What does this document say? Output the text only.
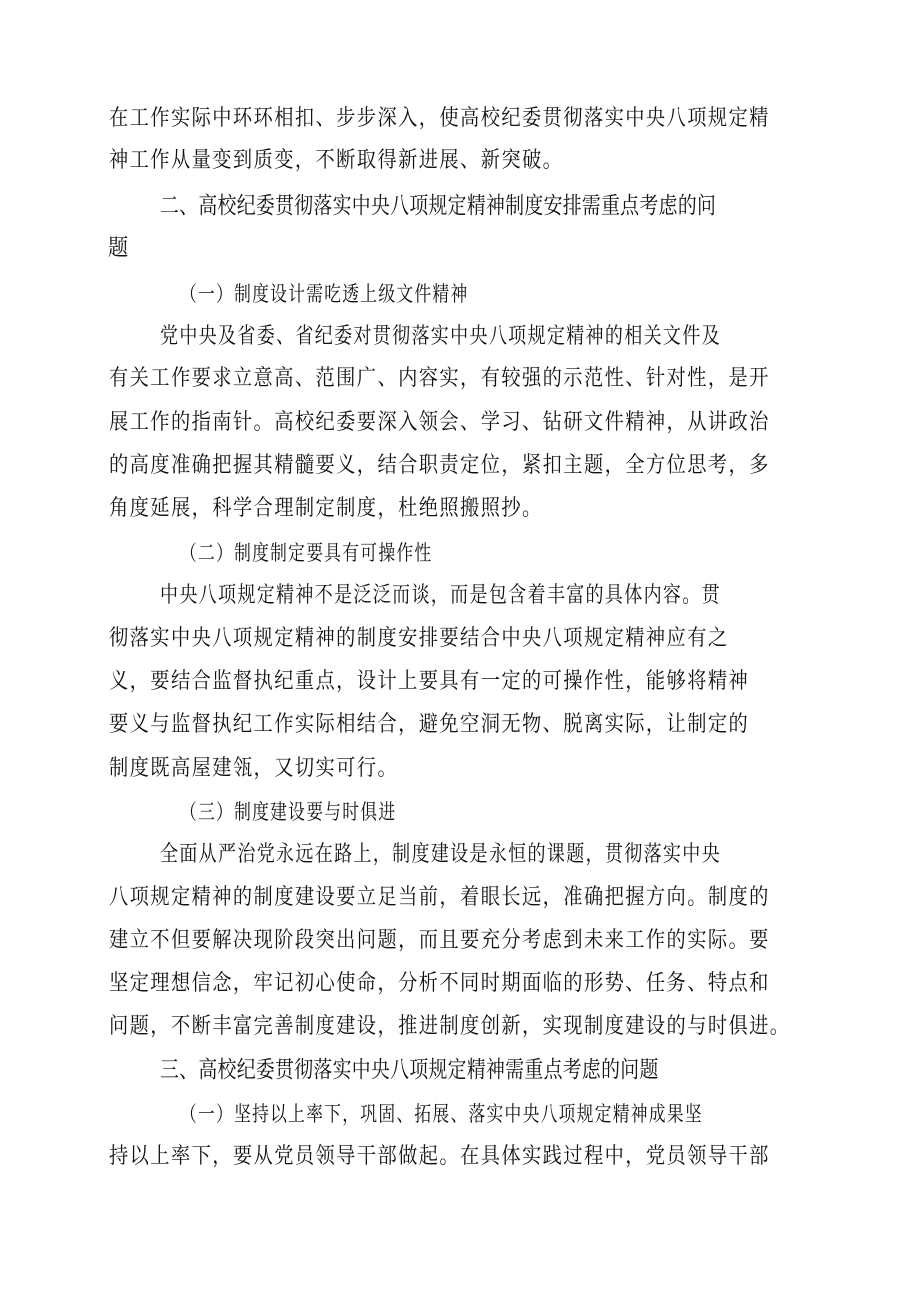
在工作实际中环环相扣、步步深入，使高校纪委贯彻落实中央八项规定精
神工作从量变到质变，不断取得新进展、新突破。
二、高校纪委贯彻落实中央八项规定精神制度安排需重点考虑的问
题
（一）制度设计需吃透上级文件精神
党中央及省委、省纪委对贯彻落实中央八项规定精神的相关文件及
有关工作要求立意高、范围广、内容实，有较强的示范性、针对性，是开
展工作的指南针。高校纪委要深入领会、学习、钻研文件精神，从讲政治
的高度准确把握其精髓要义，结合职责定位，紧扣主题，全方位思考，多
角度延展，科学合理制定制度，杜绝照搬照抄。
（二）制度制定要具有可操作性
中央八项规定精神不是泛泛而谈，而是包含着丰富的具体内容。贯
彻落实中央八项规定精神的制度安排要结合中央八项规定精神应有之
义，要结合监督执纪重点，设计上要具有一定的可操作性，能够将精神
要义与监督执纪工作实际相结合，避免空洞无物、脱离实际，让制定的
制度既高屋建瓴，又切实可行。
（三）制度建设要与时俱进
全面从严治党永远在路上，制度建设是永恒的课题，贯彻落实中央
八项规定精神的制度建设要立足当前，着眼长远，准确把握方向。制度的
建立不但要解决现阶段突出问题，而且要充分考虑到未来工作的实际。要
坚定理想信念，牢记初心使命，分析不同时期面临的形势、任务、特点和
问题，不断丰富完善制度建设，推进制度创新，实现制度建设的与时俱进。
三、高校纪委贯彻落实中央八项规定精神需重点考虑的问题
（一）坚持以上率下，巩固、拓展、落实中央八项规定精神成果坚
持以上率下，要从党员领导干部做起。在具体实践过程中，党员领导干部
